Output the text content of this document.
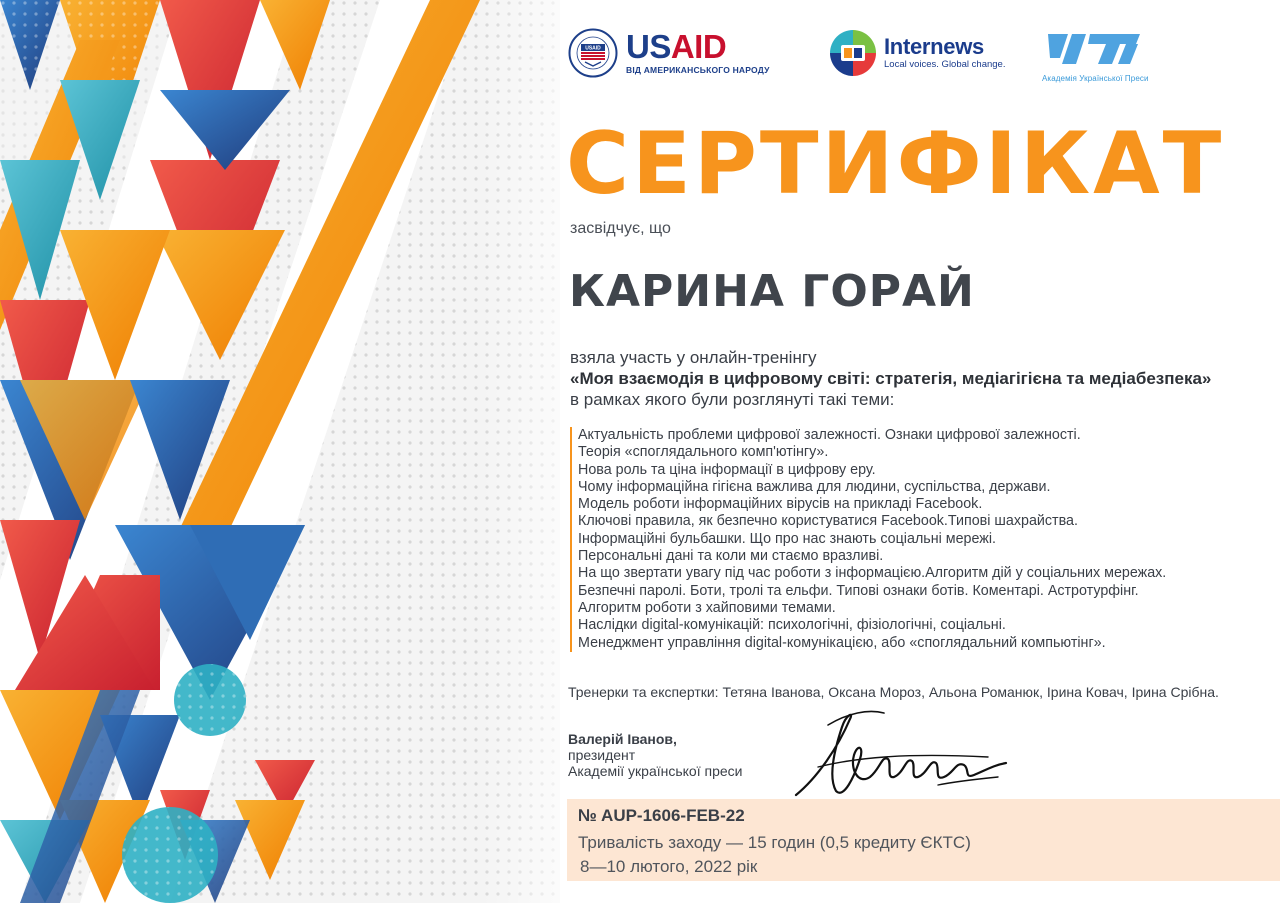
USAID USAID
ВІД АМЕРИКАНСЬКОГО НАРОДУ
Internews
Local voices. Global change.
Академія Української Преси
СЕРТИФІКАТ
засвідчує, що
КАРИНА ГОРАЙ
взяла участь у онлайн-тренінгу
«Моя взаємодія в цифровому світі: стратегія, медіагігієна та медіабезпека»
в рамках якого були розглянуті такі теми:
Актуальність проблеми цифрової залежності. Ознаки цифрової залежності.
Теорія «споглядального комп'ютінгу».
Нова роль та ціна інформації в цифрову еру.
Чому інформаційна гігієна важлива для людини, суспільства, держави.
Модель роботи інформаційних вірусів на прикладі Facebook.
Ключові правила, як безпечно користуватися Facebook.Типові шахрайства.
Інформаційні бульбашки. Що про нас знають соціальні мережі.
Персональні дані та коли ми стаємо вразливі.
На що звертати увагу під час роботи з інформацією.Алгоритм дій у соціальних мережах.
Безпечні паролі. Боти, тролі та ельфи. Типові ознаки ботів. Коментарі. Астротурфінг.
Алгоритм роботи з хайповими темами.
Наслідки digital-комунікацій: психологічні, фізіологічні, соціальні.
Менеджмент управління digital-комунікацією, або «споглядальний компьютінг».
Тренерки та експертки: Тетяна Іванова, Оксана Мороз, Альона Романюк, Ірина Ковач, Ірина Срібна.
Валерій Іванов,
президент
Академії української преси
№ AUP-1606-FEB-22
Тривалість заходу — 15 годин (0,5 кредиту ЄКТС)
8—10 лютого, 2022 рік
